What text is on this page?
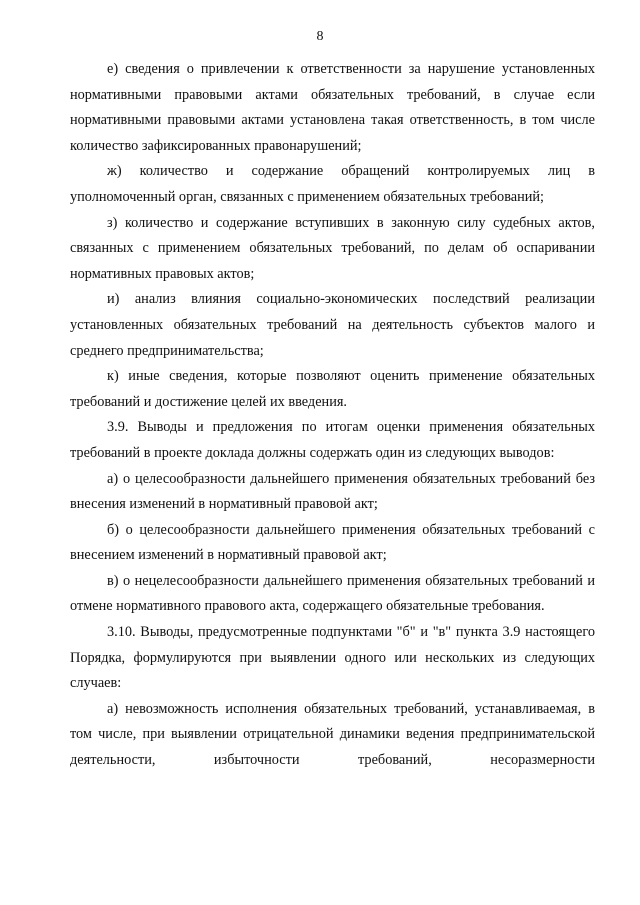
8

е) сведения о привлечении к ответственности за нарушение установленных нормативными правовыми актами обязательных требований, в случае если нормативными правовыми актами установлена такая ответственность, в том числе количество зафиксированных правонарушений;

ж) количество и содержание обращений контролируемых лиц в уполномоченный орган, связанных с применением обязательных требований;

з) количество и содержание вступивших в законную силу судебных актов, связанных с применением обязательных требований, по делам об оспаривании нормативных правовых актов;

и) анализ влияния социально-экономических последствий реализации установленных обязательных требований на деятельность субъектов малого и среднего предпринимательства;

к) иные сведения, которые позволяют оценить применение обязательных требований и достижение целей их введения.

3.9. Выводы и предложения по итогам оценки применения обязательных требований в проекте доклада должны содержать один из следующих выводов:

а) о целесообразности дальнейшего применения обязательных требований без внесения изменений в нормативный правовой акт;

б) о целесообразности дальнейшего применения обязательных требований с внесением изменений в нормативный правовой акт;

в) о нецелесообразности дальнейшего применения обязательных требований и отмене нормативного правового акта, содержащего обязательные требования.

3.10. Выводы, предусмотренные подпунктами "б" и "в" пункта 3.9 настоящего Порядка, формулируются при выявлении одного или нескольких из следующих случаев:

а) невозможность исполнения обязательных требований, устанавливаемая, в том числе, при выявлении отрицательной динамики ведения предпринимательской деятельности, избыточности требований, несоразмерности
